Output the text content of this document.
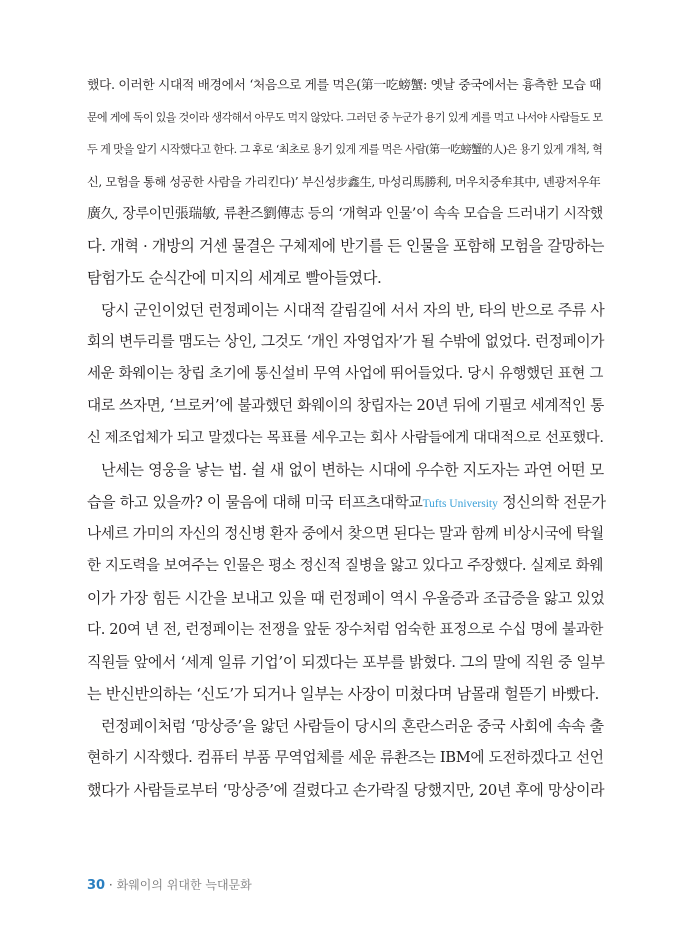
했다. 이러한 시대적 배경에서 ‘처음으로 게를 먹은(第一吃螃蟹: 옛날 중국에서는 흉측한 모습 때
문에 게에 독이 있을 것이라 생각해서 아무도 먹지 않았다. 그러던 중 누군가 용기 있게 게를 먹고 나서야 사람들도 모
두 게 맛을 알기 시작했다고 한다. 그 후로 ‘최초로 용기 있게 게를 먹은 사람(第一吃螃蟹的人)은 용기 있게 개척, 혁
신, 모험을 통해 성공한 사람을 가리킨다)’ 부신성步鑫生, 마성리馬勝利, 머우치중牟其中, 녠광저우年
廣久, 장루이민張瑞敏, 류촨즈劉傳志 등의 ‘개혁과 인물’이 속속 모습을 드러내기 시작했
다. 개혁 · 개방의 거센 물결은 구체제에 반기를 든 인물을 포함해 모험을 갈망하는
탐험가도 순식간에 미지의 세계로 빨아들였다.
당시 군인이었던 런정페이는 시대적 갈림길에 서서 자의 반, 타의 반으로 주류 사
회의 변두리를 맴도는 상인, 그것도 ‘개인 자영업자’가 될 수밖에 없었다. 런정페이가
세운 화웨이는 창립 초기에 통신설비 무역 사업에 뛰어들었다. 당시 유행했던 표현 그
대로 쓰자면, ‘브로커’에 불과했던 화웨이의 창립자는 20년 뒤에 기필코 세계적인 통
신 제조업체가 되고 말겠다는 목표를 세우고는 회사 사람들에게 대대적으로 선포했다.
난세는 영웅을 낳는 법. 쉴 새 없이 변하는 시대에 우수한 지도자는 과연 어떤 모
습을 하고 있을까? 이 물음에 대해 미국 터프츠대학교Tufts University 정신의학 전문가
나세르 가미의 자신의 정신병 환자 중에서 찾으면 된다는 말과 함께 비상시국에 탁월
한 지도력을 보여주는 인물은 평소 정신적 질병을 앓고 있다고 주장했다. 실제로 화웨
이가 가장 힘든 시간을 보내고 있을 때 런정페이 역시 우울증과 조급증을 앓고 있었
다. 20여 년 전, 런정페이는 전쟁을 앞둔 장수처럼 엄숙한 표정으로 수십 명에 불과한
직원들 앞에서 ‘세계 일류 기업’이 되겠다는 포부를 밝혔다. 그의 말에 직원 중 일부
는 반신반의하는 ‘신도’가 되거나 일부는 사장이 미쳤다며 남몰래 헐뜯기 바빴다.
런정페이처럼 ‘망상증’을 앓던 사람들이 당시의 혼란스러운 중국 사회에 속속 출
현하기 시작했다. 컴퓨터 부품 무역업체를 세운 류촨즈는 IBM에 도전하겠다고 선언
했다가 사람들로부터 ‘망상증’에 걸렸다고 손가락질 당했지만, 20년 후에 망상이라
30 · 화웨이의 위대한 늑대문화
